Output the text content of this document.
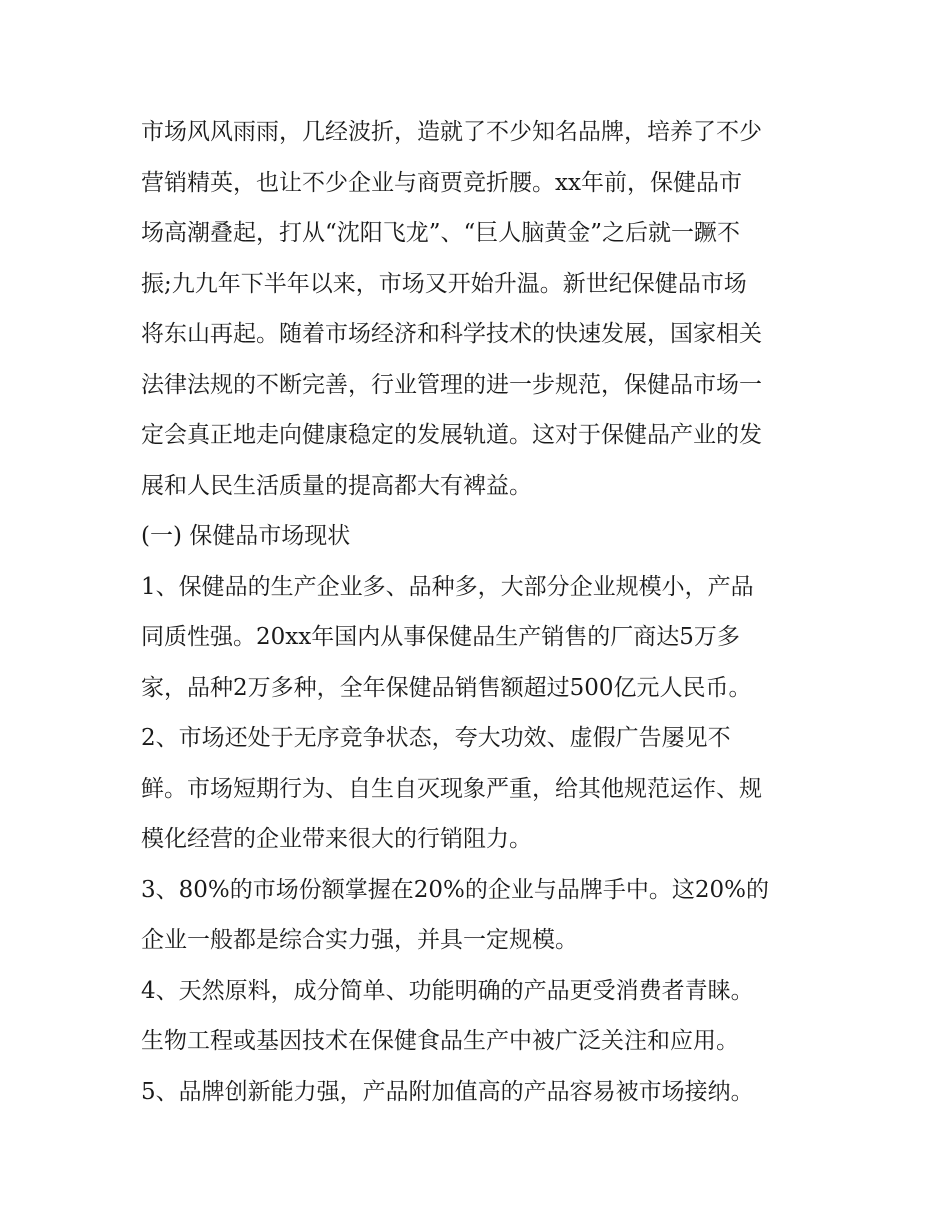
市场风风雨雨，几经波折，造就了不少知名品牌，培养了不少
营销精英，也让不少企业与商贾竞折腰。xx年前，保健品市
场高潮叠起，打从“沈阳飞龙”、“巨人脑黄金”之后就一蹶不
振;九九年下半年以来，市场又开始升温。新世纪保健品市场
将东山再起。随着市场经济和科学技术的快速发展，国家相关
法律法规的不断完善，行业管理的进一步规范，保健品市场一
定会真正地走向健康稳定的发展轨道。这对于保健品产业的发
展和人民生活质量的提高都大有裨益。
(一) 保健品市场现状
1、保健品的生产企业多、品种多，大部分企业规模小，产品
同质性强。20xx年国内从事保健品生产销售的厂商达5万多
家，品种2万多种，全年保健品销售额超过500亿元人民币。
2、市场还处于无序竞争状态，夸大功效、虚假广告屡见不
鲜。市场短期行为、自生自灭现象严重，给其他规范运作、规
模化经营的企业带来很大的行销阻力。
3、80%的市场份额掌握在20%的企业与品牌手中。这20%的
企业一般都是综合实力强，并具一定规模。
4、天然原料，成分简单、功能明确的产品更受消费者青睐。
生物工程或基因技术在保健食品生产中被广泛关注和应用。
5、品牌创新能力强，产品附加值高的产品容易被市场接纳。
